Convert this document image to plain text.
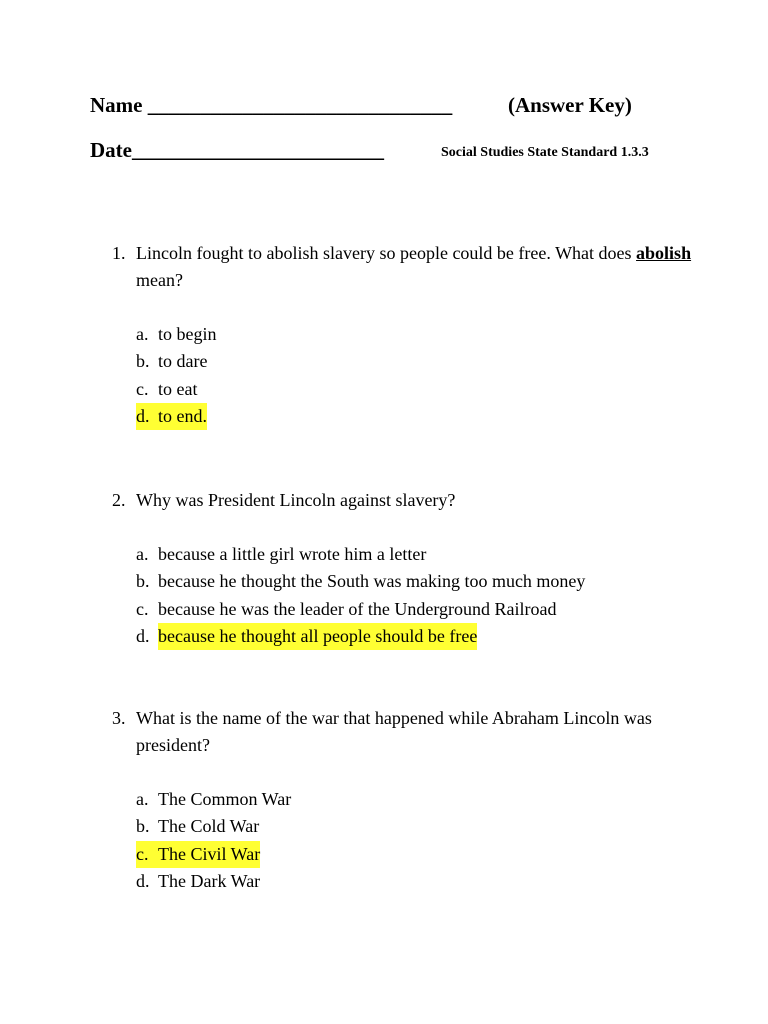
Name _____________________________	(Answer Key)
Date________________________	Social Studies State Standard 1.3.3
1. Lincoln fought to abolish slavery so people could be free. What does abolish mean?
a. to begin
b. to dare
c. to eat
d. to end.
2. Why was President Lincoln against slavery?
a. because a little girl wrote him a letter
b. because he thought the South was making too much money
c. because he was the leader of the Underground Railroad
d. because he thought all people should be free
3. What is the name of the war that happened while Abraham Lincoln was president?
a. The Common War
b. The Cold War
c. The Civil War
d. The Dark War
